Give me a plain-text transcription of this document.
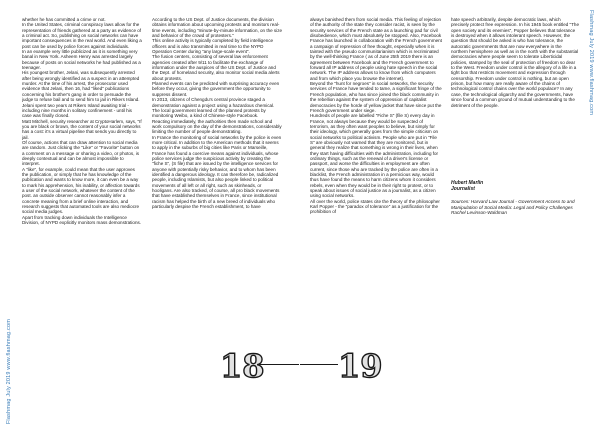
Flashmag July 2019 www.flashmag.com
Flashmag July 2019 www.flashmag.com

whether he has committed a crime or not.

In the United States, criminal conspiracy laws allow for the representation of friends gathered at a party as evidence of a criminal act. So, publishing on social networks can have important consequences in the real world. And even liking a post can be used by police forces against individuals.

In an example very little publicized as it is something very banal in New York. Asheem Henry was arrested largely because of posts on social networks he had published as a teenager.

His youngest brother, Jelani, was subsequently arrested after being wrongly identified as a suspect in an attempted murder. At the time of his arrest, the prosecutor used evidence that Jelani, then 16, had "liked" publications concerning his brother's gang in order to persuade the judge to refuse bail and to send him to jail in Rikers Island.

Jelani spent two years at Rikers Island awaiting trial - including nine months in solitary confinement - until his case was finally closed.

Matt Mitchell, security researcher at CryptoHarlem, says, "If you are black or brown, the content of your social networks has a cost: it's a virtual pipeline that sends you directly to jail.

Of course, actions that can draw attention to social media are random. Just clicking the "Like" or "Favorite" button on a comment on a message or sharing a video, or photos, is deeply contextual and can be almost impossible to interpret.

A "like", for example, could mean that the user approves the publication, or simply that he has knowledge of the publication and wants to know more, it can even be a way to mark his apprehension, his inability, or affection towards a user of the social network, whatever the content of the post. an outside observer cannot reasonably infer a concrete meaning from a brief online interaction, and research suggests that automated tools are also mediocre social media judges.

Apart from tracking down individuals the Intelligence Division, of NYPD explicitly monitors mass demonstrations.

According to the US Dept. of Justice documents, the division obtains information about upcoming protests and monitors real-time events, including "minute-by-minute information, on the size and behavior of the crowd of protesters."

This online activity is typically completed by field intelligence officers and is also transmitted in real time to the NYPD Operation Center during "any large-scale event".

The fusion centers, consisting of several law enforcement agencies created after 9/11 to facilitate the exchange of information under the auspices of the US Dept. of Justice and the Dept. of homeland security, also monitor social media alerts about protests.

Planned events can be predicted with surprising accuracy even before they occur, giving the government the opportunity to suppress dissent.

In 2013, citizens of Chengdu's central province staged a demonstration against a project using a hazardous chemical. The local government learned of the planned protests by monitoring Weibo, a kind of Chinese-style Facebook.

Reacting immediately, the authorities then made school and work compulsory on the day of the demonstrations, considerably limiting the number of people demonstrating.

In France the monitoring of social networks by the police is even more critical. In addition to the American methods that it seems to apply in the suburbs of big cities like Paris or Marseille, France has found a coercive means against individuals, whose police services judge the suspicious activity by creating the "fiche S", (S file) that are issued by the intelligence services for anyone with potentially risky behavior, and to whom has been identified a dangerous ideology. It can therefore be, radicalized people, including Islamists, but also people linked to political movements of all left or all right, such as skinheads, or hooligans. Are also tracked, of course, all pro black movements that have established themselves in France, since institutional racism has helped the birth of a new breed of individuals who particularly despise the French establishment, to have

always banished them from social media. This feeling of rejection of the authority of the state they consider racist, is seen by the security services of the French state as a launching pad for civil disobedience, which must absolutely be stopped. Also, Facebook France has launched in collaboration with the French government a campaign of repression of free thought, especially when it is tainted with the pseudo communitarianism which is recriminated by the well-thinking France ( as of June 25th 2019 there is an agreement between Facebook and the French government to forward all IP address of people using hate speech in the social network. The IP address allows to know from which computers and from which place you browse the internet).

Beyond the "hunt for negroes" in social networks, the security services of France have tended to tame, a significant fringe of the French population, who has since joined the black community in the rebellion against the system of oppression of capitalist democracies by the horde of yellow jacket that have since put the French government under siege.

Hundreds of people are labelled "Fiche S" (file S) every day in France, not always because they would be suspected of terrorism, as they often want peoples to believe, but simply for their ideology, which generally goes from the simple criticism on social networks to political activism. People who are put in "File S" are obviously not warned that they are monitored, but in general they realize that something is wrong in their lives, when they start having difficulties with the administration, including for ordinary things, such as the renewal of a driver's license or passport, and worse the difficulties in employment are often current, since those who are tracked by the police are often in a blacklist, the French administration in a pernicious way, would thus have found the means to harm citizens whom it considers rebels, even when they would be in their right to protest, or to speak about issues of social justice as a journalist, as a citizen using social networks.

All over the world, police states cite the theory of the philosopher Karl Popper - the "paradox of tolerance" as a justification for the prohibition of

hate speech arbitrarily, despite democratic laws, which precisely protect free expression. In his 1945 book entitled "The open society and its enemies", Popper believes that tolerance is destroyed when it allows intolerant speech. However, the question that should be asked is who has tolerance, the autocratic governments that are now everywhere in the northern hemisphere as well as in the north with the substantial democracies where people seem to tolerate Liberticidal policies, stamped by the seal of protection of freedom so dear to the West. Freedom under control is the allegory of a life in a tight box that restricts movement and expression through censorship. Freedom under control is nothing, but an open prison, but how many are really aware of the chains of technological control chains over the world populace? In any case, the technological oligarchy and the governments, have since found a common ground of mutual understanding to the detriment of the people.

Hubert Marlin
Journalist
Sources: Harvard Law Journal - Government Access to and
Manipulation of Social Media: Legal and Policy Challenges
Rachel Levinson-Waldman
18 19
